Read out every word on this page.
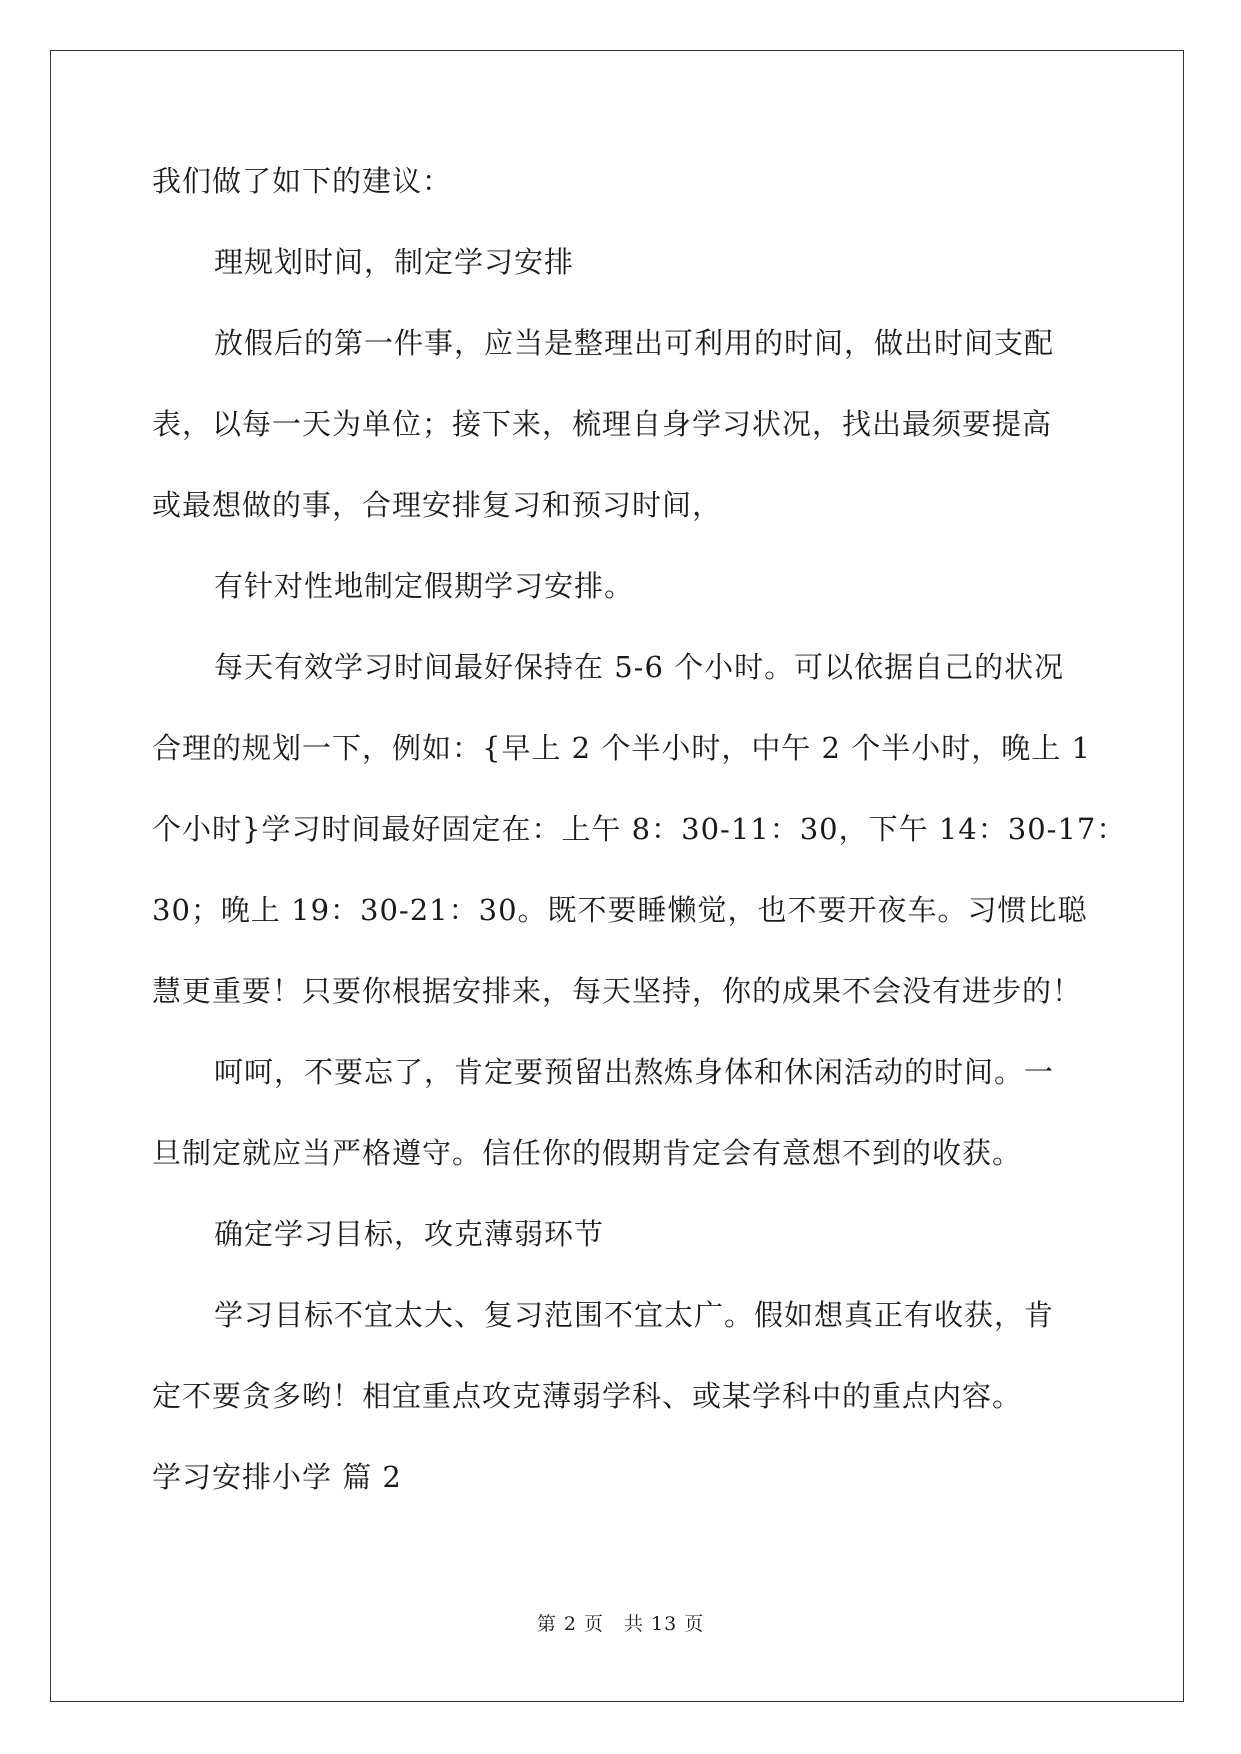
我们做了如下的建议：

理规划时间，制定学习安排

放假后的第一件事，应当是整理出可利用的时间，做出时间支配

表，以每一天为单位；接下来，梳理自身学习状况，找出最须要提高

或最想做的事，合理安排复习和预习时间，

有针对性地制定假期学习安排。

每天有效学习时间最好保持在 5-6 个小时。可以依据自己的状况

合理的规划一下，例如：{早上 2 个半小时，中午 2 个半小时，晚上 1

个小时}学习时间最好固定在：上午 8：30-11：30，下午 14：30-17：

30；晚上 19：30-21：30。既不要睡懒觉，也不要开夜车。习惯比聪

慧更重要！只要你根据安排来，每天坚持，你的成果不会没有进步的！

呵呵，不要忘了，肯定要预留出熬炼身体和休闲活动的时间。一

旦制定就应当严格遵守。信任你的假期肯定会有意想不到的收获。

确定学习目标，攻克薄弱环节

学习目标不宜太大、复习范围不宜太广。假如想真正有收获，肯

定不要贪多哟！相宜重点攻克薄弱学科、或某学科中的重点内容。

学习安排小学 篇 2

第 2 页　共 13 页
